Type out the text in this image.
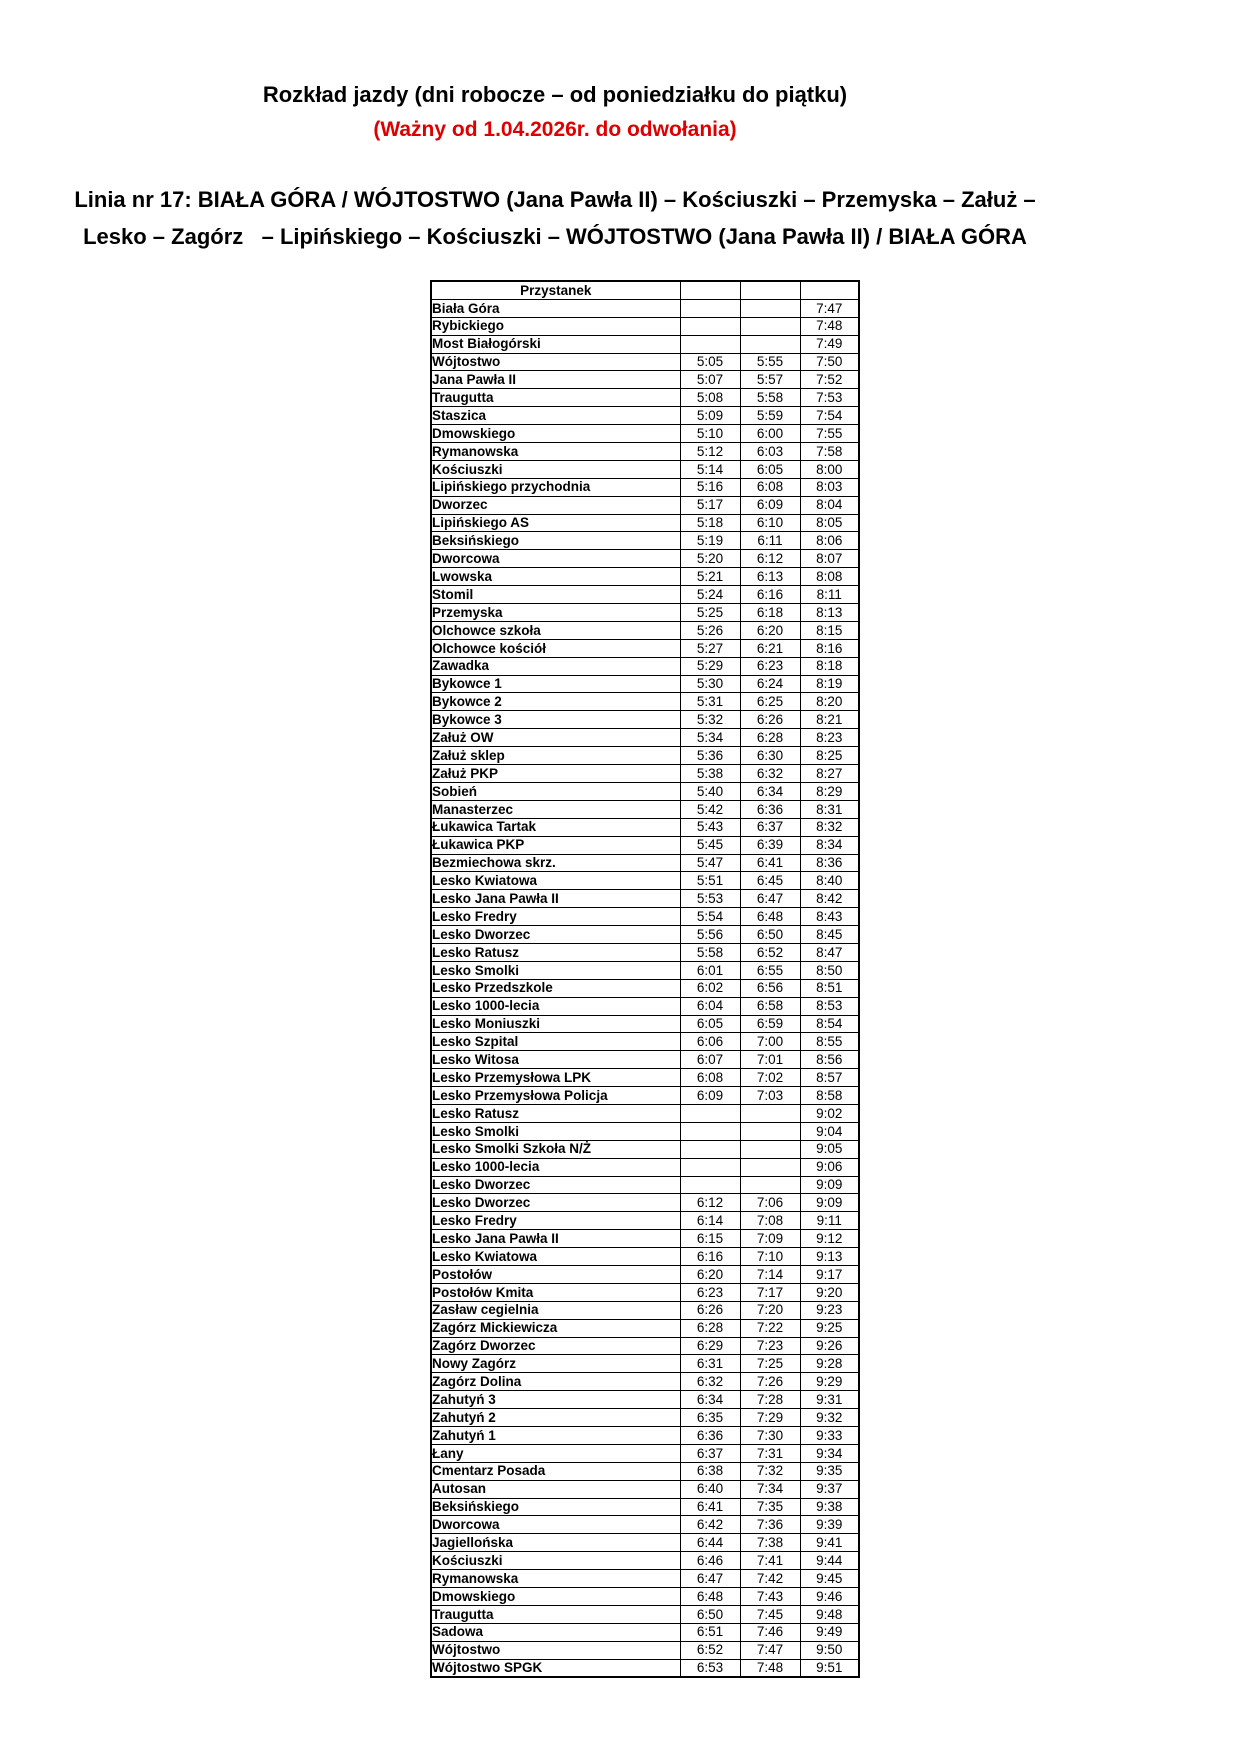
Rozkład jazdy (dni robocze – od poniedziałku do piątku)
(Ważny od 1.04.2026r. do odwołania)
Linia nr 17: BIAŁA GÓRA / WÓJTOSTWO (Jana Pawła II) – Kościuszki – Przemyska – Załuż –
Lesko – Zagórz   – Lipińskiego – Kościuszki – WÓJTOSTWO (Jana Pawła II) / BIAŁA GÓRA
Przystanek			
Biała Góra			7:47
Rybickiego			7:48
Most Białogórski			7:49
Wójtostwo	5:05	5:55	7:50
Jana Pawła II	5:07	5:57	7:52
Traugutta	5:08	5:58	7:53
Staszica	5:09	5:59	7:54
Dmowskiego	5:10	6:00	7:55
Rymanowska	5:12	6:03	7:58
Kościuszki	5:14	6:05	8:00
Lipińskiego przychodnia	5:16	6:08	8:03
Dworzec	5:17	6:09	8:04
Lipińskiego AS	5:18	6:10	8:05
Beksińskiego	5:19	6:11	8:06
Dworcowa	5:20	6:12	8:07
Lwowska	5:21	6:13	8:08
Stomil	5:24	6:16	8:11
Przemyska	5:25	6:18	8:13
Olchowce szkoła	5:26	6:20	8:15
Olchowce kościół	5:27	6:21	8:16
Zawadka	5:29	6:23	8:18
Bykowce 1	5:30	6:24	8:19
Bykowce 2	5:31	6:25	8:20
Bykowce 3	5:32	6:26	8:21
Załuż OW	5:34	6:28	8:23
Załuż sklep	5:36	6:30	8:25
Załuż PKP	5:38	6:32	8:27
Sobień	5:40	6:34	8:29
Manasterzec	5:42	6:36	8:31
Łukawica Tartak	5:43	6:37	8:32
Łukawica PKP	5:45	6:39	8:34
Bezmiechowa skrz.	5:47	6:41	8:36
Lesko Kwiatowa	5:51	6:45	8:40
Lesko Jana Pawła II	5:53	6:47	8:42
Lesko Fredry	5:54	6:48	8:43
Lesko Dworzec	5:56	6:50	8:45
Lesko Ratusz	5:58	6:52	8:47
Lesko Smolki	6:01	6:55	8:50
Lesko Przedszkole	6:02	6:56	8:51
Lesko 1000-lecia	6:04	6:58	8:53
Lesko Moniuszki	6:05	6:59	8:54
Lesko Szpital	6:06	7:00	8:55
Lesko Witosa	6:07	7:01	8:56
Lesko Przemysłowa LPK	6:08	7:02	8:57
Lesko Przemysłowa Policja	6:09	7:03	8:58
Lesko Ratusz			9:02
Lesko Smolki			9:04
Lesko Smolki Szkoła N/Ż			9:05
Lesko 1000-lecia			9:06
Lesko Dworzec			9:09
Lesko Dworzec	6:12	7:06	9:09
Lesko Fredry	6:14	7:08	9:11
Lesko Jana Pawła II	6:15	7:09	9:12
Lesko Kwiatowa	6:16	7:10	9:13
Postołów	6:20	7:14	9:17
Postołów Kmita	6:23	7:17	9:20
Zasław cegielnia	6:26	7:20	9:23
Zagórz Mickiewicza	6:28	7:22	9:25
Zagórz Dworzec	6:29	7:23	9:26
Nowy Zagórz	6:31	7:25	9:28
Zagórz Dolina	6:32	7:26	9:29
Zahutyń 3	6:34	7:28	9:31
Zahutyń 2	6:35	7:29	9:32
Zahutyń 1	6:36	7:30	9:33
Łany	6:37	7:31	9:34
Cmentarz Posada	6:38	7:32	9:35
Autosan	6:40	7:34	9:37
Beksińskiego	6:41	7:35	9:38
Dworcowa	6:42	7:36	9:39
Jagiellońska	6:44	7:38	9:41
Kościuszki	6:46	7:41	9:44
Rymanowska	6:47	7:42	9:45
Dmowskiego	6:48	7:43	9:46
Traugutta	6:50	7:45	9:48
Sadowa	6:51	7:46	9:49
Wójtostwo	6:52	7:47	9:50
Wójtostwo SPGK	6:53	7:48	9:51
